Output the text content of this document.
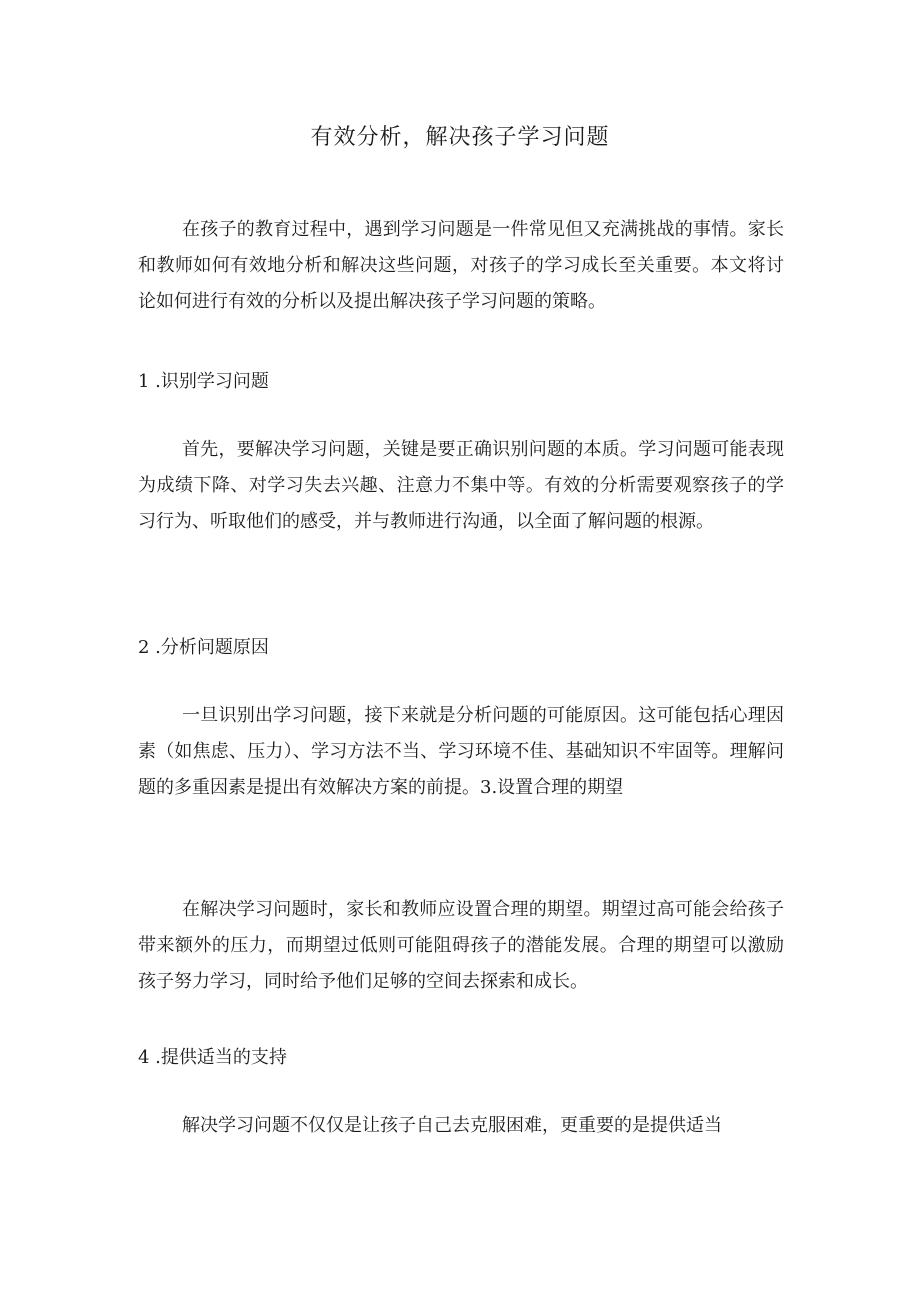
有效分析，解决孩子学习问题

在孩子的教育过程中，遇到学习问题是一件常见但又充满挑战的事情。家长和教师如何有效地分析和解决这些问题，对孩子的学习成长至关重要。本文将讨论如何进行有效的分析以及提出解决孩子学习问题的策略。

1 .识别学习问题

首先，要解决学习问题，关键是要正确识别问题的本质。学习问题可能表现为成绩下降、对学习失去兴趣、注意力不集中等。有效的分析需要观察孩子的学习行为、听取他们的感受，并与教师进行沟通，以全面了解问题的根源。

2 .分析问题原因

一旦识别出学习问题，接下来就是分析问题的可能原因。这可能包括心理因素（如焦虑、压力）、学习方法不当、学习环境不佳、基础知识不牢固等。理解问题的多重因素是提出有效解决方案的前提。3.设置合理的期望

在解决学习问题时，家长和教师应设置合理的期望。期望过高可能会给孩子带来额外的压力，而期望过低则可能阻碍孩子的潜能发展。合理的期望可以激励孩子努力学习，同时给予他们足够的空间去探索和成长。

4 .提供适当的支持

解决学习问题不仅仅是让孩子自己去克服困难，更重要的是提供适当
